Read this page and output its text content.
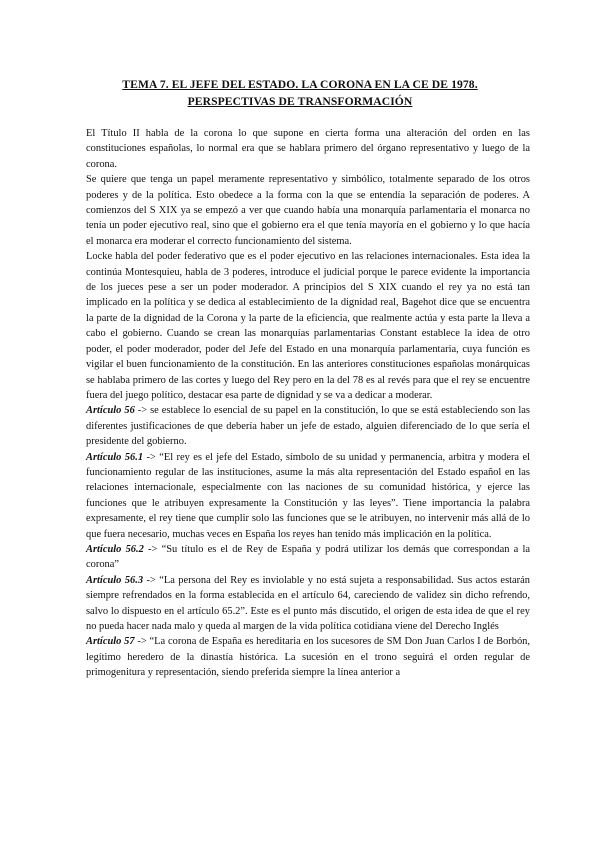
TEMA 7. EL JEFE DEL ESTADO. LA CORONA EN LA CE DE 1978.
PERSPECTIVAS DE TRANSFORMACIÓN

El Título II habla de la corona lo que supone en cierta forma una alteración del orden en las constituciones españolas, lo normal era que se hablara primero del órgano representativo y luego de la corona.

Se quiere que tenga un papel meramente representativo y simbólico, totalmente separado de los otros poderes y de la política. Esto obedece a la forma con la que se entendía la separación de poderes. A comienzos del S XIX ya se empezó a ver que cuando había una monarquía parlamentaria el monarca no tenía un poder ejecutivo real, sino que el gobierno era el que tenía mayoría en el gobierno y lo que hacía el monarca era moderar el correcto funcionamiento del sistema.

Locke habla del poder federativo que es el poder ejecutivo en las relaciones internacionales. Esta idea la continúa Montesquieu, habla de 3 poderes, introduce el judicial porque le parece evidente la importancia de los jueces pese a ser un poder moderador. A principios del S XIX cuando el rey ya no está tan implicado en la política y se dedica al establecimiento de la dignidad real, Bagehot dice que se encuentra la parte de la dignidad de la Corona y la parte de la eficiencia, que realmente actúa y esta parte la lleva a cabo el gobierno. Cuando se crean las monarquías parlamentarias Constant establece la idea de otro poder, el poder moderador, poder del Jefe del Estado en una monarquía parlamentaria, cuya función es vigilar el buen funcionamiento de la constitución. En las anteriores constituciones españolas monárquicas se hablaba primero de las cortes y luego del Rey pero en la del 78 es al revés para que el rey se encuentre fuera del juego político, destacar esa parte de dignidad y se va a dedicar a moderar.

Artículo 56 -> se establece lo esencial de su papel en la constitución, lo que se está estableciendo son las diferentes justificaciones de que debería haber un jefe de estado, alguien diferenciado de lo que sería el presidente del gobierno.

Artículo 56.1 -> “El rey es el jefe del Estado, símbolo de su unidad y permanencia, arbitra y modera el funcionamiento regular de las instituciones, asume la más alta representación del Estado español en las relaciones internacionale, especialmente con las naciones de su comunidad histórica, y ejerce las funciones que le atribuyen expresamente la Constitución y las leyes”. Tiene importancia la palabra expresamente, el rey tiene que cumplir solo las funciones que se le atribuyen, no intervenir más allá de lo que fuera necesario, muchas veces en España los reyes han tenido más implicación en la política.

Artículo 56.2 -> “Su título es el de Rey de España y podrá utilizar los demás que correspondan a la corona”

Artículo 56.3 -> “La persona del Rey es inviolable y no está sujeta a responsabilidad. Sus actos estarán siempre refrendados en la forma establecida en el artículo 64, careciendo de validez sin dicho refrendo, salvo lo dispuesto en el artículo 65.2”. Este es el punto más discutido, el origen de esta idea de que el rey no pueda hacer nada malo y queda al margen de la vida política cotidiana viene del Derecho Inglés

Artículo 57 -> “La corona de España es hereditaria en los sucesores de SM Don Juan Carlos I de Borbón, legítimo heredero de la dinastía histórica. La sucesión en el trono seguirá el orden regular de primogenitura y representación, siendo preferida siempre la línea anterior a
